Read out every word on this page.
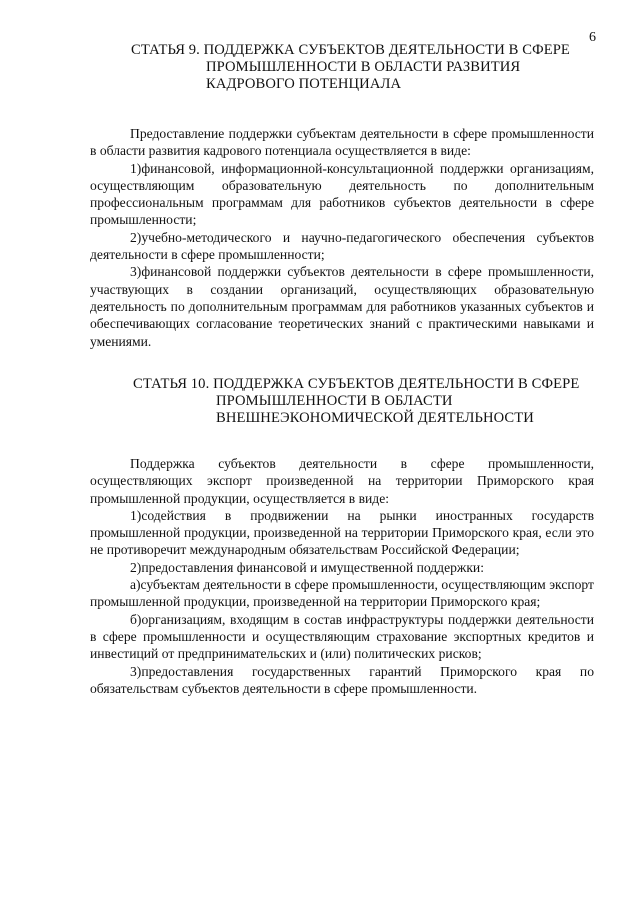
6
СТАТЬЯ 9. ПОДДЕРЖКА СУБЪЕКТОВ ДЕЯТЕЛЬНОСТИ В СФЕРЕ
ПРОМЫШЛЕННОСТИ В ОБЛАСТИ РАЗВИТИЯ
КАДРОВОГО ПОТЕНЦИАЛА

Предоставление поддержки субъектам деятельности в сфере промышленности в области развития кадрового потенциала осуществляется в виде:

1)финансовой, информационной-консультационной поддержки организациям, осуществляющим образовательную деятельность по дополнительным профессиональным программам для работников субъектов деятельности в сфере промышленности;

2)учебно-методического и научно-педагогического обеспечения субъектов деятельности в сфере промышленности;

3)финансовой поддержки субъектов деятельности в сфере промышленности, участвующих в создании организаций, осуществляющих образовательную деятельность по дополнительным программам для работников указанных субъектов и обеспечивающих согласование теоретических знаний с практическими навыками и умениями.

СТАТЬЯ 10. ПОДДЕРЖКА СУБЪЕКТОВ ДЕЯТЕЛЬНОСТИ В СФЕРЕ
ПРОМЫШЛЕННОСТИ В ОБЛАСТИ
ВНЕШНЕЭКОНОМИЧЕСКОЙ ДЕЯТЕЛЬНОСТИ

Поддержка субъектов деятельности в сфере промышленности, осуществляющих экспорт произведенной на территории Приморского края промышленной продукции, осуществляется в виде:

1)содействия в продвижении на рынки иностранных государств промышленной продукции, произведенной на территории Приморского края, если это не противоречит международным обязательствам Российской Федерации;

2)предоставления финансовой и имущественной поддержки:

а)субъектам деятельности в сфере промышленности, осуществляющим экспорт промышленной продукции, произведенной на территории Приморского края;

б)организациям, входящим в состав инфраструктуры поддержки деятельности в сфере промышленности и осуществляющим страхование экспортных кредитов и инвестиций от предпринимательских и (или) политических рисков;

3)предоставления государственных гарантий Приморского края по обязательствам субъектов деятельности в сфере промышленности.
